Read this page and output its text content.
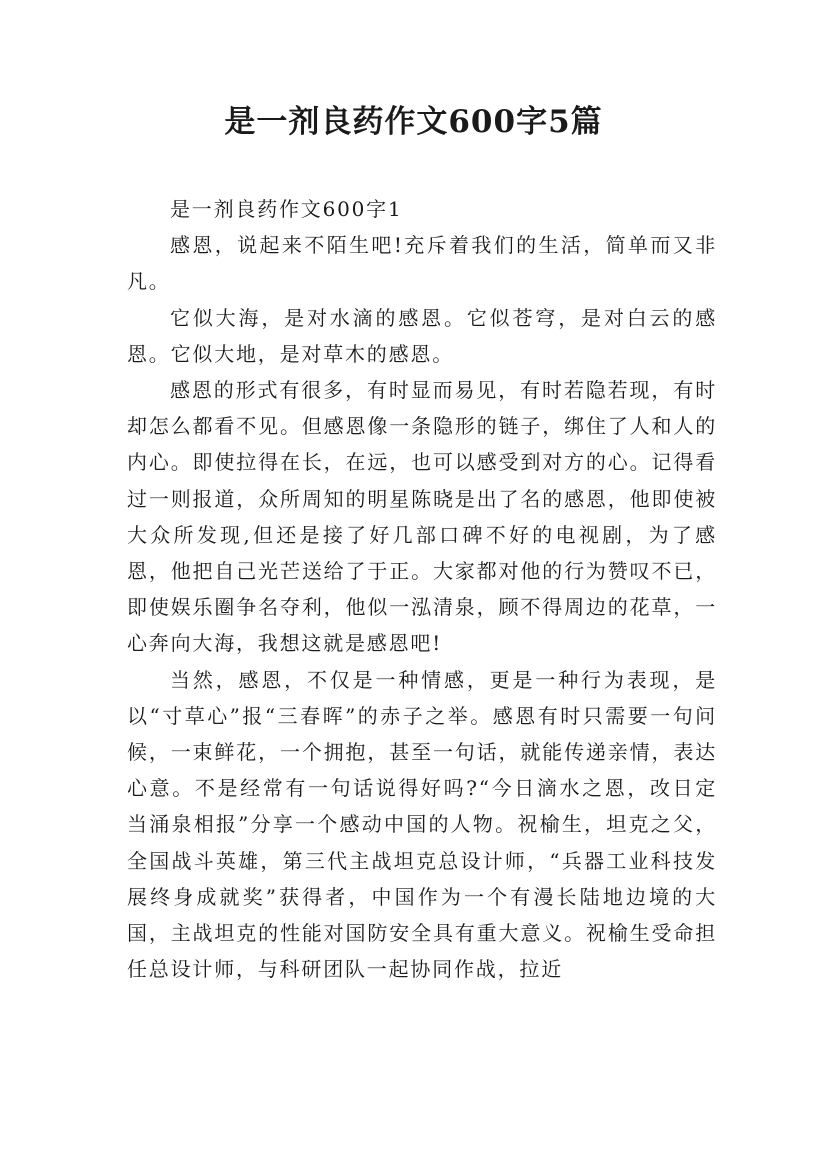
是一剂良药作文600字5篇

是一剂良药作文600字1

感恩，说起来不陌生吧!充斥着我们的生活，简单而又非凡。

它似大海，是对水滴的感恩。它似苍穹，是对白云的感恩。它似大地，是对草木的感恩。

感恩的形式有很多，有时显而易见，有时若隐若现，有时却怎么都看不见。但感恩像一条隐形的链子，绑住了人和人的内心。即使拉得在长，在远，也可以感受到对方的心。记得看过一则报道，众所周知的明星陈晓是出了名的感恩，他即使被大众所发现,但还是接了好几部口碑不好的电视剧，为了感恩，他把自己光芒送给了于正。大家都对他的行为赞叹不已，即使娱乐圈争名夺利，他似一泓清泉，顾不得周边的花草，一心奔向大海，我想这就是感恩吧!

当然，感恩，不仅是一种情感，更是一种行为表现，是以“寸草心”报“三春晖”的赤子之举。感恩有时只需要一句问候，一束鲜花，一个拥抱，甚至一句话，就能传递亲情，表达心意。不是经常有一句话说得好吗?“今日滴水之恩，改日定当涌泉相报”分享一个感动中国的人物。祝榆生，坦克之父，全国战斗英雄，第三代主战坦克总设计师，“兵器工业科技发展终身成就奖”获得者，中国作为一个有漫长陆地边境的大国，主战坦克的性能对国防安全具有重大意义。祝榆生受命担任总设计师，与科研团队一起协同作战，拉近
